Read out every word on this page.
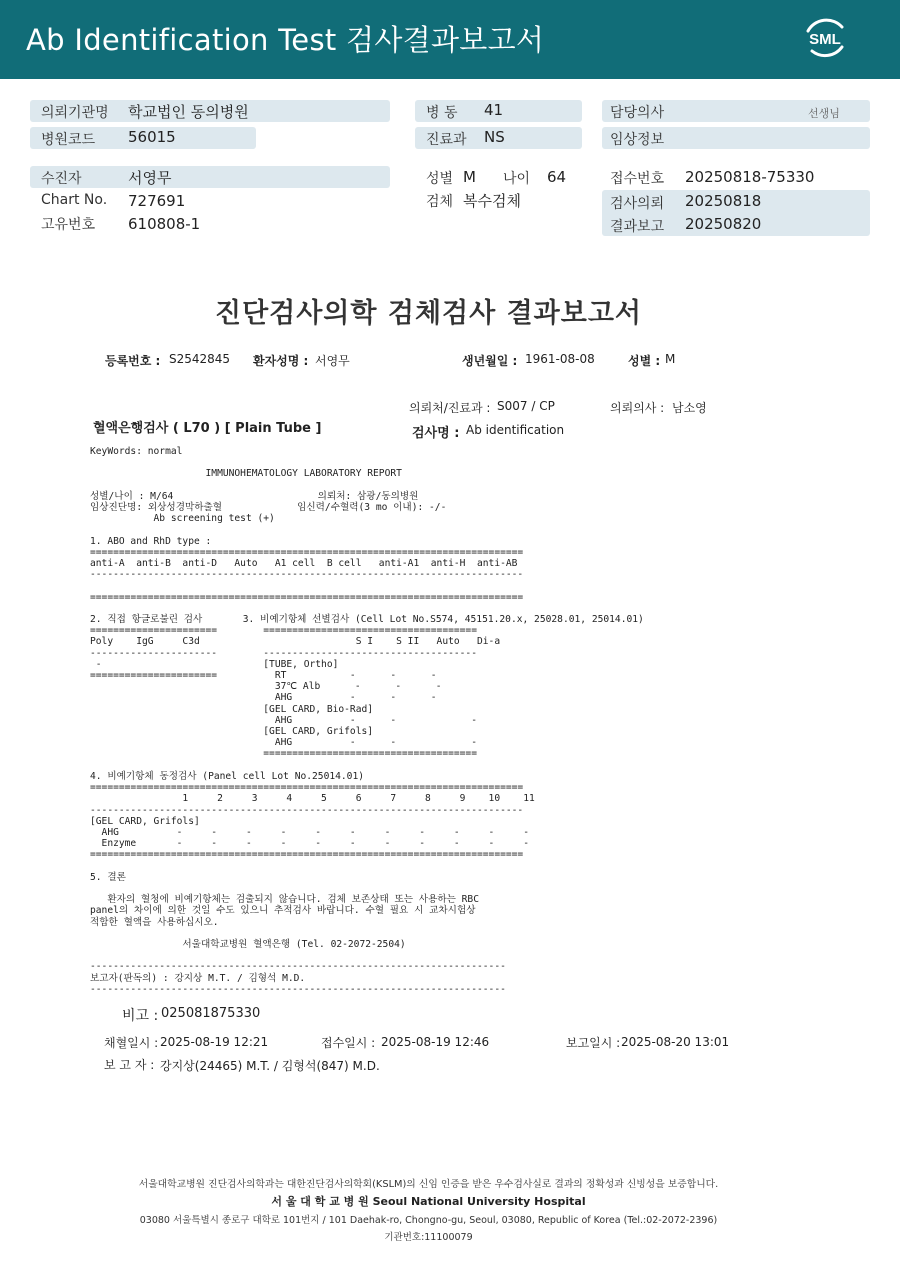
Ab Identification Test 검사결과보고서	SML
의뢰기관명 학교법인 동의병원
병원코드 56015
병 동 41
진료과 NS
담당의사	선생님
임상정보
수진자	서영무
Chart No. 727691
고유번호 610808-1
성별 M 나이 64
검체 복수검체
접수번호 20250818-75330
검사의뢰 20250818
결과보고 20250820
진단검사의학 검체검사 결과보고서
등록번호 : S2542845 환자성명 : 서영무	생년월일 : 1961-08-08	성별 : M
의뢰처/진료과 : S007 / CP	의뢰의사 : 남소영
혈액은행검사 ( L70 ) [ Plain Tube ]	검사명 : Ab identification
KeyWords: normal

IMMUNOHEMATOLOGY LABORATORY REPORT

성별/나이 : M/64                         의뢰처: 삼광/동의병원
임상진단명: 외상성경막하출혈             임신력/수혈력(3 mo 이내): -/-
Ab screening test (+)

1. ABO and RhD type :
===========================================================================
anti-A  anti-B  anti-D   Auto   A1 cell  B cell   anti-A1  anti-H  anti-AB
---------------------------------------------------------------------------

===========================================================================

2. 직접 항글로불린 검사       3. 비예기항체 선별검사 (Cell Lot No.S574, 45151.20.x, 25028.01, 25014.01)
======================        =====================================
Poly    IgG     C3d                           S I    S II   Auto   Di-a
----------------------        -------------------------------------
-                            [TUBE, Ortho]
======================          RT           -      -      -
37℃ Alb      -      -      -
AHG          -      -      -
[GEL CARD, Bio-Rad]
AHG          -      -             -
[GEL CARD, Grifols]
AHG          -      -             -
=====================================

4. 비예기항체 동정검사 (Panel cell Lot No.25014.01)
===========================================================================
1     2     3     4     5     6     7     8     9    10    11
---------------------------------------------------------------------------
[GEL CARD, Grifols]
AHG          -     -     -     -     -     -     -     -     -     -     -
Enzyme       -     -     -     -     -     -     -     -     -     -     -
===========================================================================

5. 결론

환자의 혈청에 비예기항체는 검출되지 않습니다. 검체 보존상태 또는 사용하는 RBC
panel의 차이에 의한 것일 수도 있으니 추적검사 바랍니다. 수혈 필요 시 교차시험상
적합한 혈액을 사용하십시오.

서울대학교병원 혈액은행 (Tel. 02-2072-2504)

------------------------------------------------------------------------
보고자(판독의) : 강지상 M.T. / 김형석 M.D.
------------------------------------------------------------------------
비고 : 025081875330
채혈일시 : 2025-08-19 12:21	접수일시 : 2025-08-19 12:46	보고일시 : 2025-08-20 13:01
보 고 자 : 강지상(24465) M.T. / 김형석(847) M.D.
서울대학교병원 진단검사의학과는 대한진단검사의학회(KSLM)의 신임 인증을 받은 우수검사실로 결과의 정확성과 신빙성을 보증합니다.
서 울 대 학 교 병 원 Seoul National University Hospital
03080 서울특별시 종로구 대학로 101번지 / 101 Daehak-ro, Chongno-gu, Seoul, 03080, Republic of Korea (Tel.:02-2072-2396)
기관번호:11100079
